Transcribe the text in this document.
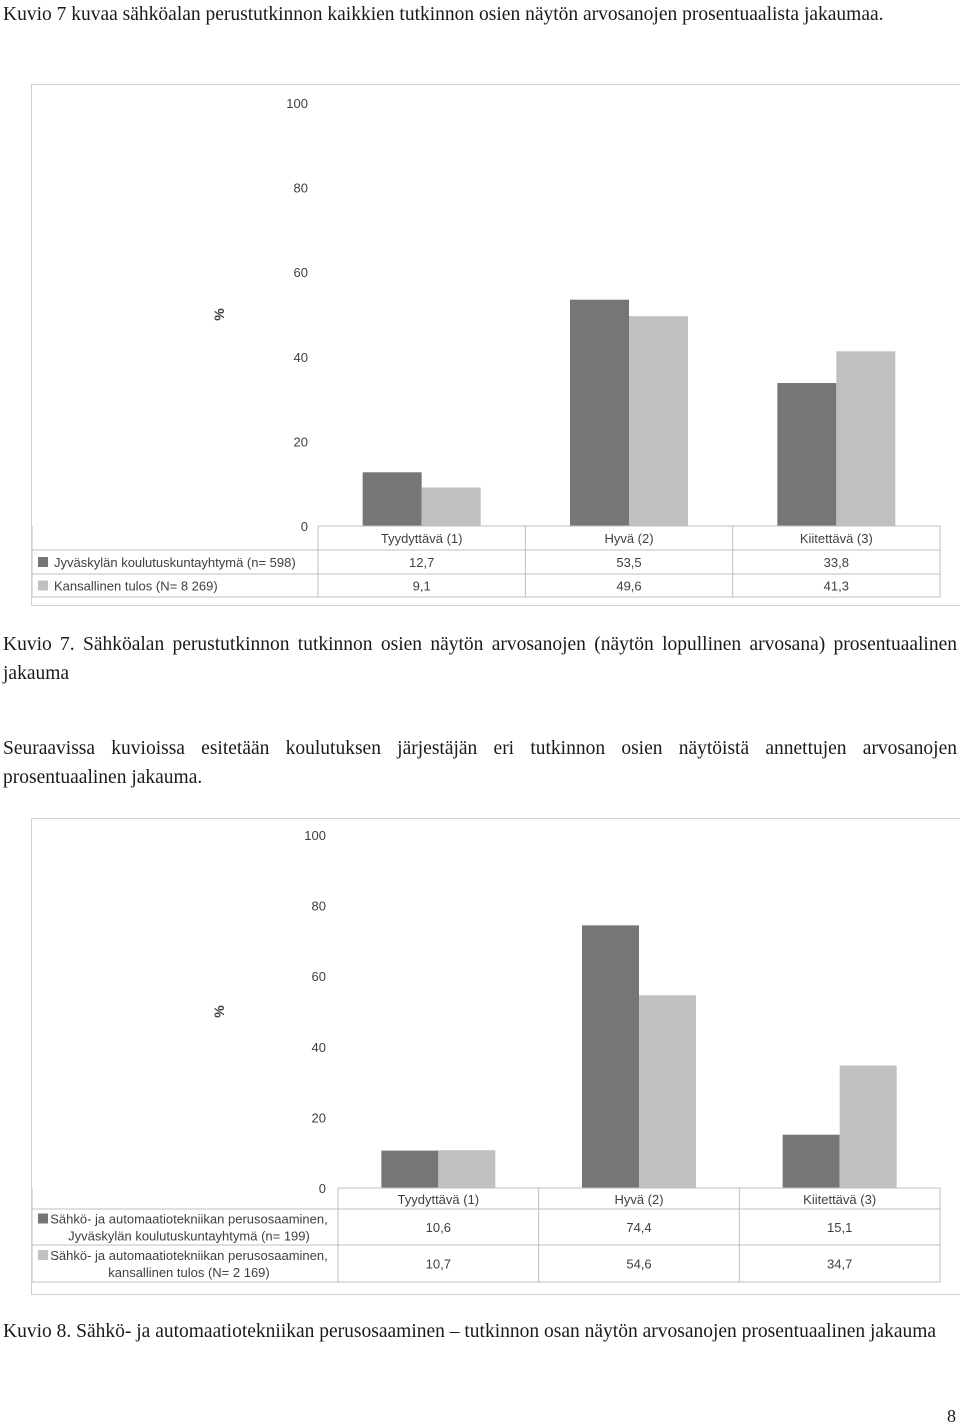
Kuvio 7 kuvaa sähköalan perustutkinnon kaikkien tutkinnon osien näytön arvosanojen prosentuaalista jakaumaa.

0
20
40
60
80
100
%
Tyydyttävä (1)	Hyvä (2)	Kiitettävä (3)
Jyväskylän koulutuskuntayhtymä (n= 598)	12,7	53,5	33,8
Kansallinen tulos (N= 8 269)	9,1	49,6	41,3

Kuvio 7. Sähköalan perustutkinnon tutkinnon osien näytön arvosanojen (näytön lopullinen arvosana) prosentuaalinen jakauma

Seuraavissa kuvioissa esitetään koulutuksen järjestäjän eri tutkinnon osien näytöistä annettujen arvosanojen prosentuaalinen jakauma.

0
20
40
60
80
100
%
Tyydyttävä (1)	Hyvä (2)	Kiitettävä (3)
Sähkö- ja automaatiotekniikan perusosaaminen,
Jyväskylän koulutuskuntayhtymä (n= 199)
10,6	74,4	15,1
Sähkö- ja automaatiotekniikan perusosaaminen,
kansallinen tulos (N= 2 169)
10,7	54,6	34,7

Kuvio 8. Sähkö- ja automaatiotekniikan perusosaaminen – tutkinnon osan näytön arvosanojen prosentuaalinen jakauma

8
